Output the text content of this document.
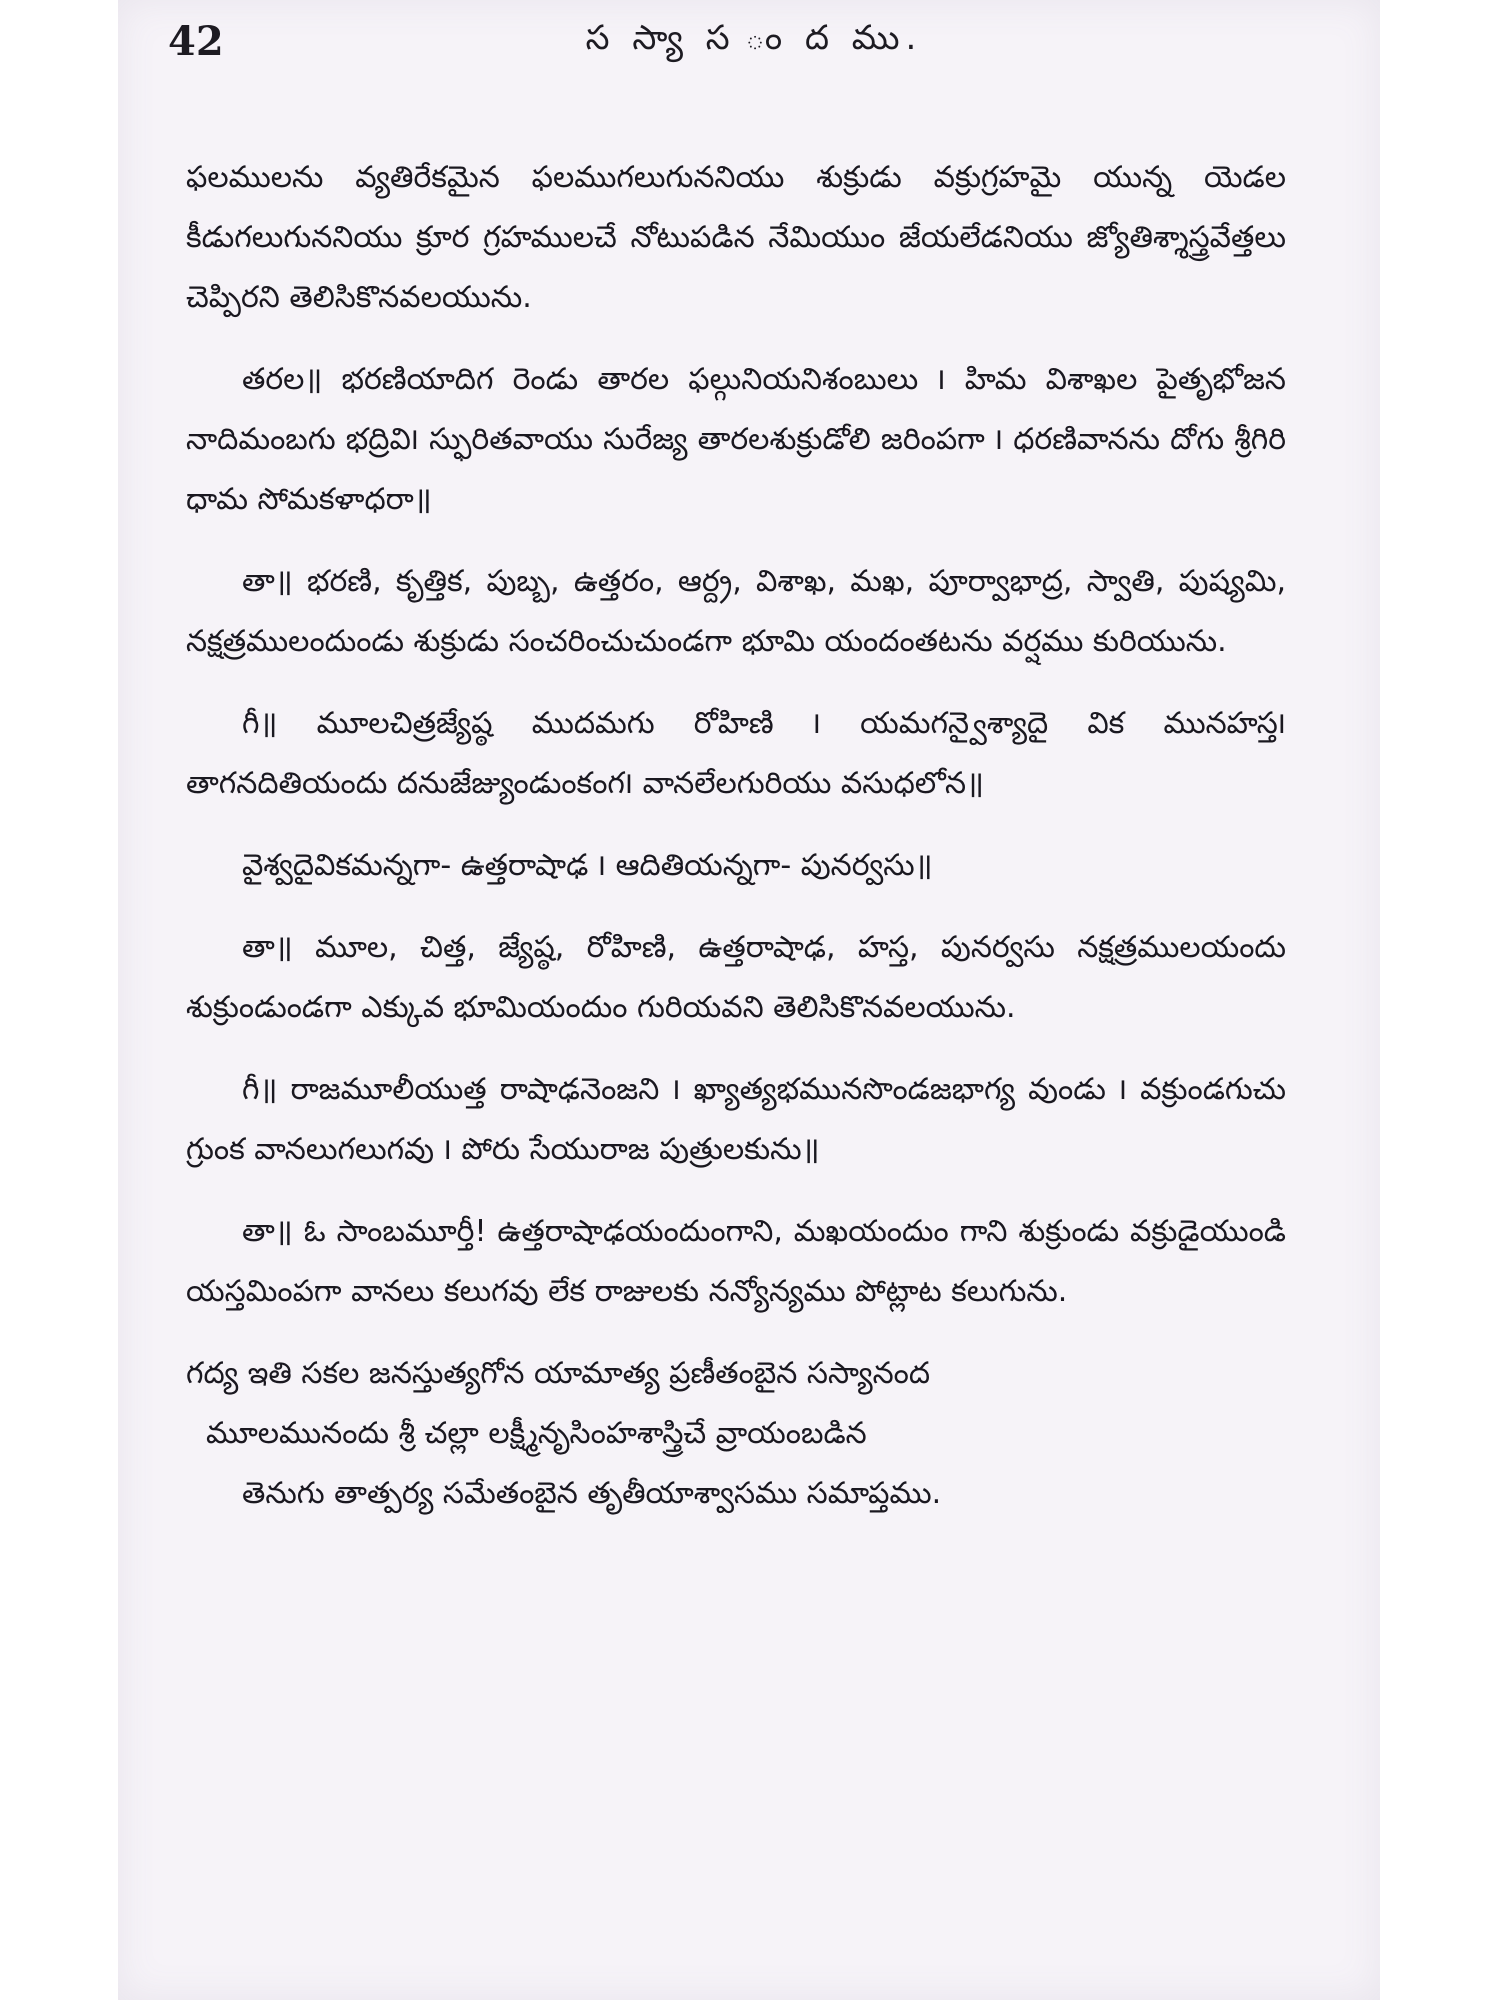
42	స స్యా స ం ద ము.

ఫలములను వ్యతిరేకమైన ఫలముగలుగుననియు శుక్రుడు వక్రుగ్రహమై యున్న యెడల కీడుగలుగుననియు క్రూర గ్రహములచే నోటుపడిన నేమియుం జేయలేడనియు జ్యోతిశ్శాస్త్రవేత్తలు చెప్పిరని తెలిసికొనవలయును.

తరల॥ భరణియాదిగ రెండు తారల ఫల్గునియనిశంబులు ౹ హిమ విశాఖల పైతృభోజన నాదిమంబగు భద్రివి౹ స్ఫురితవాయు సురేజ్య తారలశుక్రుడోలి జరింపగా ౹ ధరణివానను దోగు శ్రీగిరి ధామ సోమకళాధరా॥

తా॥ భరణి, కృత్తిక, పుబ్బ, ఉత్తరం, ఆర్ద్ర, విశాఖ, మఖ, పూర్వాభాద్ర, స్వాతి, పుష్యమి, నక్షత్రములందుండు శుక్రుడు సంచరించుచుండగా భూమి యందంతటను వర్షము కురియును.

గీ॥ మూలచిత్రజ్యేష్ఠ ముదమగు రోహిణి ౹ యమగన్వైశ్యాదై విక మునహస్త౹ తాగనదితియందు దనుజేజ్యుండుంకంగ౹ వానలేలగురియు వసుధలోన॥

వైశ్వదైవికమన్నగా- ఉత్తరాషాఢ ౹ ఆదితియన్నగా- పునర్వసు॥

తా॥ మూల, చిత్త, జ్యేష్ఠ, రోహిణి, ఉత్తరాషాఢ, హస్త, పునర్వసు నక్షత్రములయందు శుక్రుండుండగా ఎక్కువ భూమియందుం గురియవని తెలిసికొనవలయును.

గీ॥ రాజమూలీయుత్త రాషాఢనెంజని ౹ ఖ్యాత్యభమునసొండజభాగ్య వుండు ౹ వక్రుండగుచు గ్రుంక వానలుగలుగవు ౹ పోరు సేయురాజ పుత్రులకును॥

తా॥ ఓ సాంబమూర్తీ! ఉత్తరాషాఢయందుంగాని, మఖయందుం గాని శుక్రుండు వక్రుడైయుండి యస్తమింపగా వానలు కలుగవు లేక రాజులకు నన్యోన్యము పోట్లాట కలుగును.

గద్య ఇతి సకల జనస్తుత్యగోన యామాత్య ప్రణీతంబైన సస్యానంద
మూలమునందు శ్రీ చల్లా లక్ష్మీనృసింహశాస్త్రిచే వ్రాయంబడిన
తెనుగు తాత్పర్య సమేతంబైన తృతీయాశ్వాసము సమాప్తము.
